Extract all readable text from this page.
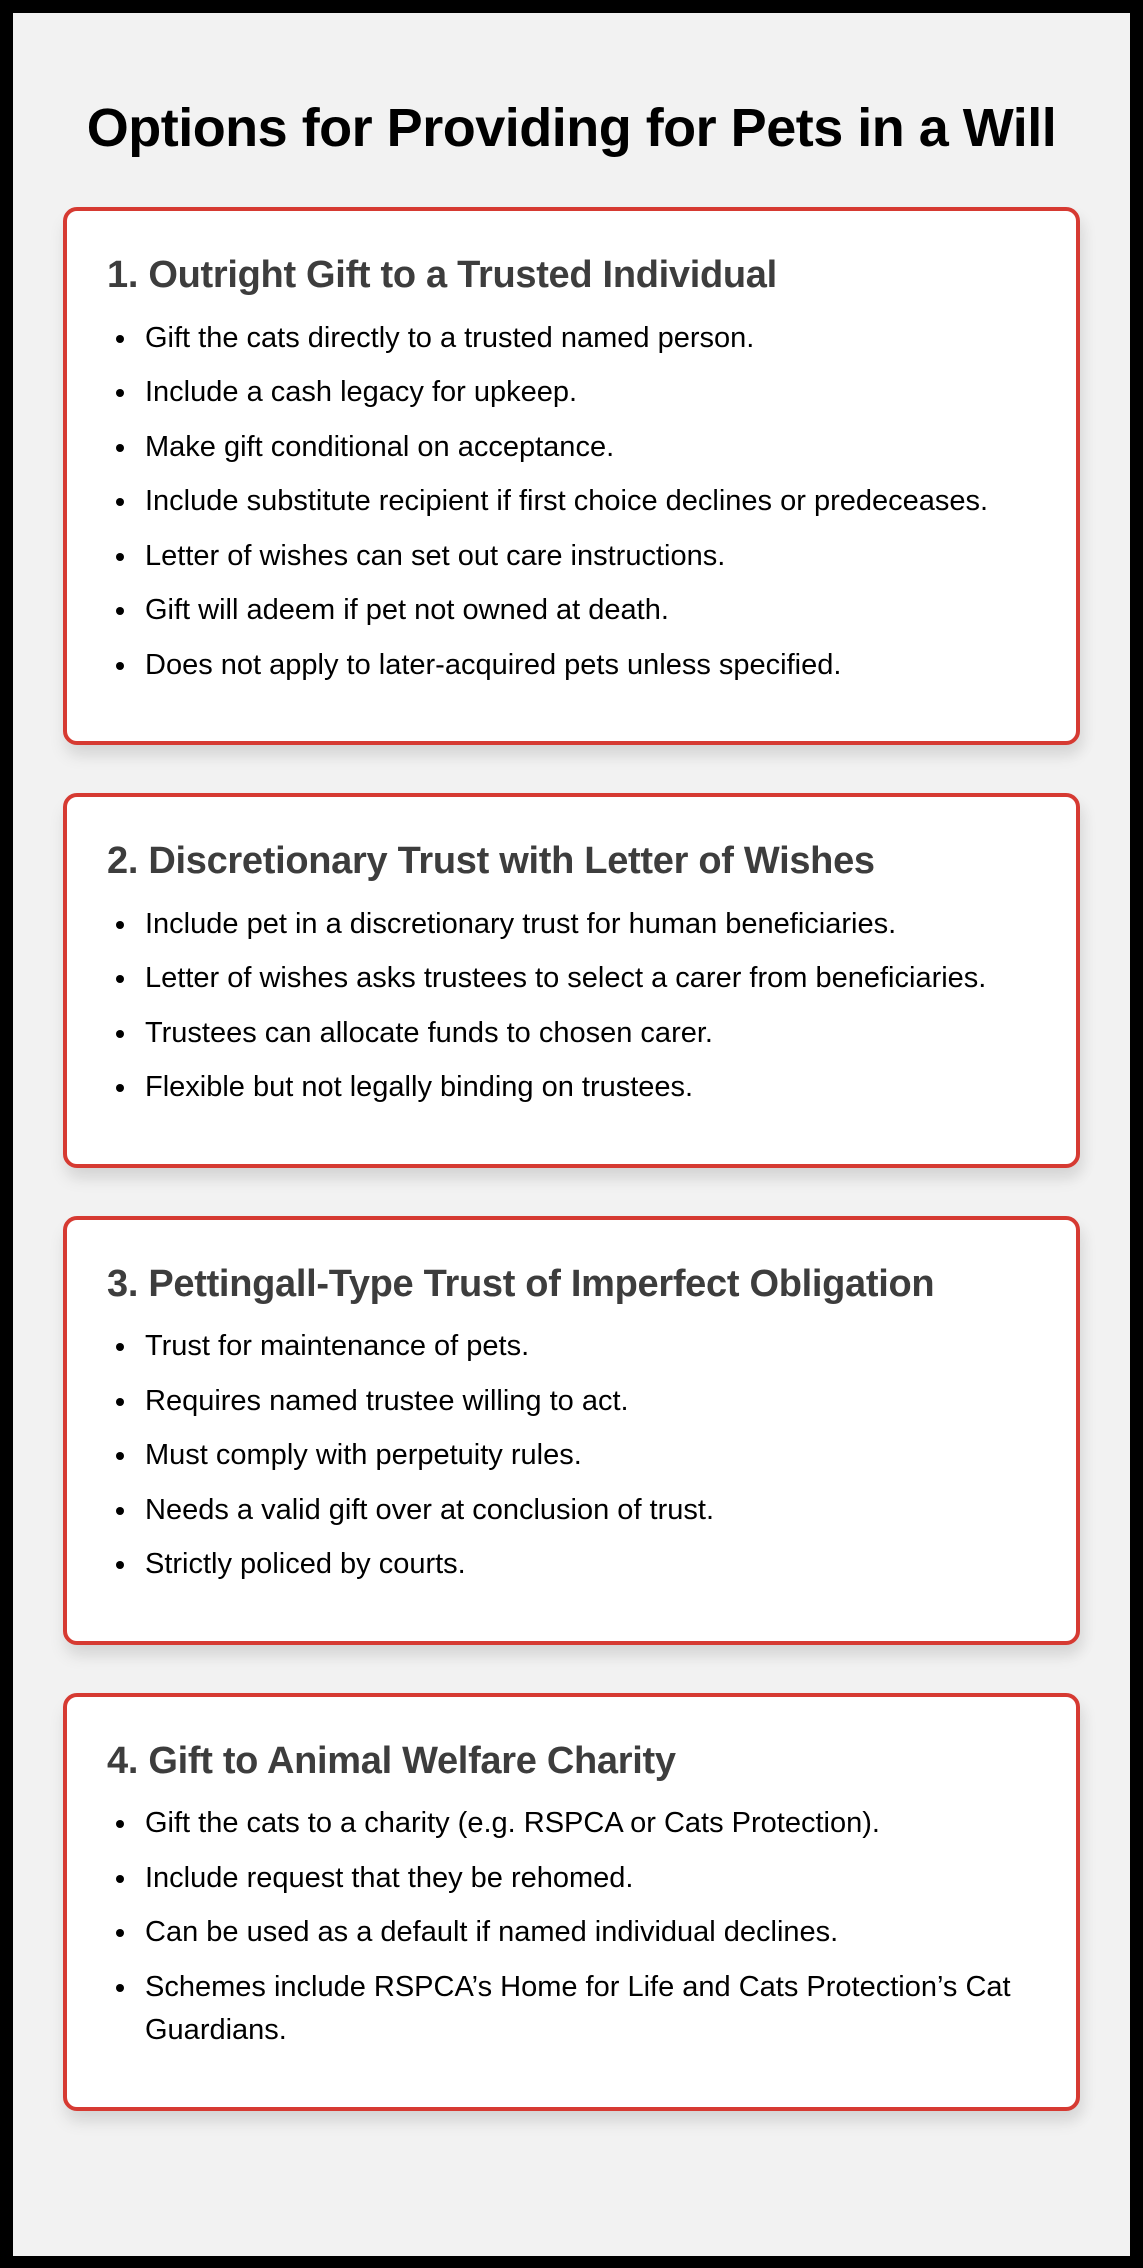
Options for Providing for Pets in a Will
1. Outright Gift to a Trusted Individual
• Gift the cats directly to a trusted named person.
• Include a cash legacy for upkeep.
• Make gift conditional on acceptance.
• Include substitute recipient if first choice declines or predeceases.
• Letter of wishes can set out care instructions.
• Gift will adeem if pet not owned at death.
• Does not apply to later-acquired pets unless specified.
2. Discretionary Trust with Letter of Wishes
• Include pet in a discretionary trust for human beneficiaries.
• Letter of wishes asks trustees to select a carer from beneficiaries.
• Trustees can allocate funds to chosen carer.
• Flexible but not legally binding on trustees.
3. Pettingall-Type Trust of Imperfect Obligation
• Trust for maintenance of pets.
• Requires named trustee willing to act.
• Must comply with perpetuity rules.
• Needs a valid gift over at conclusion of trust.
• Strictly policed by courts.
4. Gift to Animal Welfare Charity
• Gift the cats to a charity (e.g. RSPCA or Cats Protection).
• Include request that they be rehomed.
• Can be used as a default if named individual declines.
• Schemes include RSPCA’s Home for Life and Cats Protection’s Cat Guardians.
